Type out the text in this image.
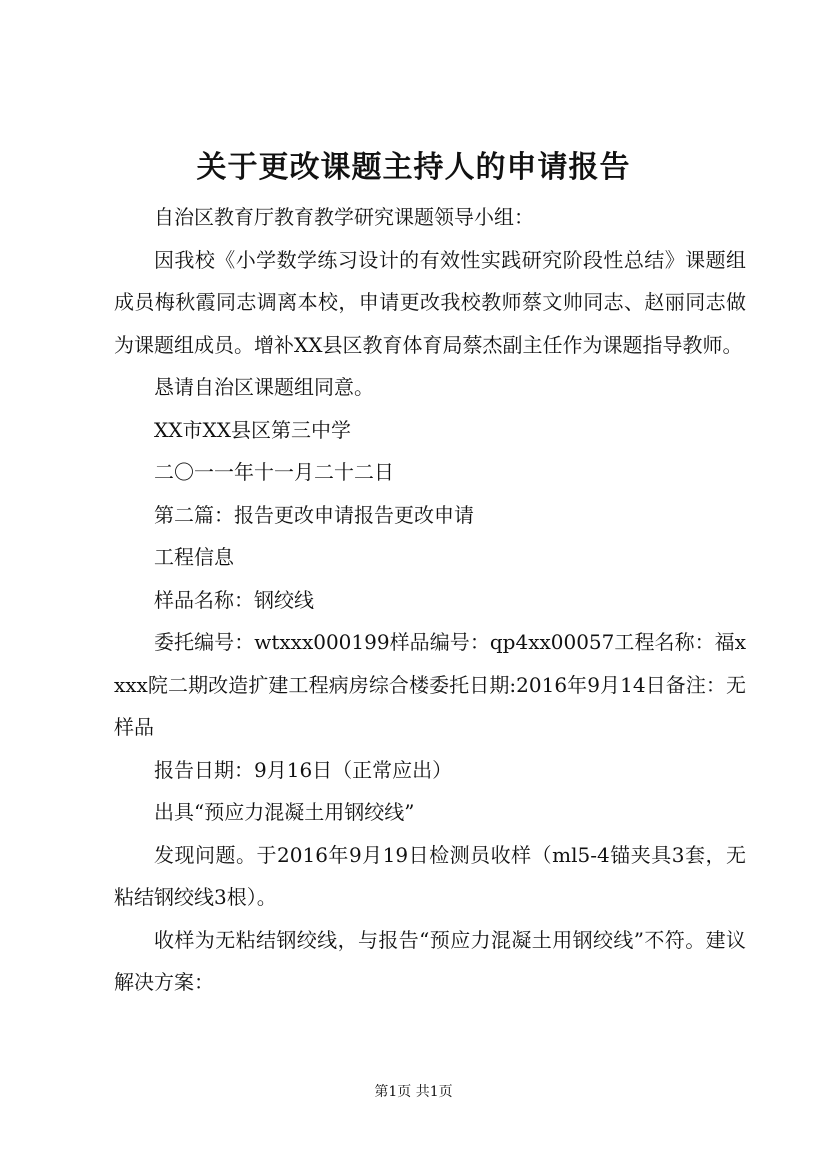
关于更改课题主持人的申请报告

自治区教育厅教育教学研究课题领导小组：

因我校《小学数学练习设计的有效性实践研究阶段性总结》课题组成员梅秋霞同志调离本校，申请更改我校教师蔡文帅同志、赵丽同志做为课题组成员。增补XX县区教育体育局蔡杰副主任作为课题指导教师。

恳请自治区课题组同意。

XX市XX县区第三中学

二〇一一年十一月二十二日

第二篇：报告更改申请报告更改申请

工程信息

样品名称：钢绞线

委托编号：wtxxx000199样品编号：qp4xx00057工程名称：福xxxx院二期改造扩建工程病房综合楼委托日期:2016年9月14日备注：无样品

报告日期：9月16日（正常应出）

出具“预应力混凝土用钢绞线”

发现问题。于2016年9月19日检测员收样（ml5-4锚夹具3套，无粘结钢绞线3根）。

收样为无粘结钢绞线，与报告“预应力混凝土用钢绞线”不符。建议解决方案：

第1页 共1页
